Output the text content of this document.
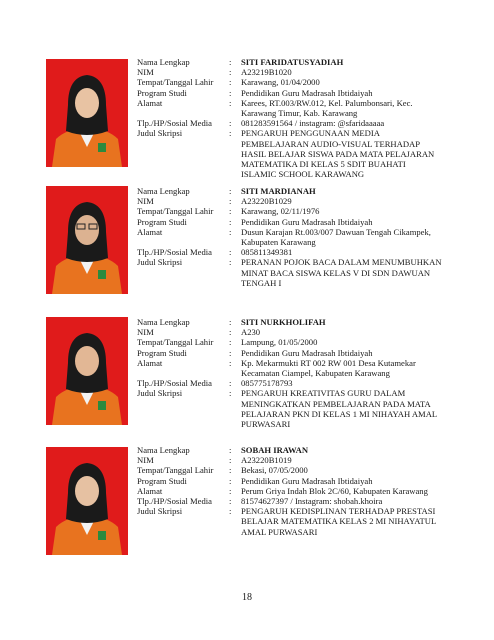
Nama Lengkap	:	SITI FARIDATUSYADIAH
NIM	:	A23219B1020
Tempat/Tanggal Lahir	:	Karawang, 01/04/2000
Program Studi	:	Pendidikan Guru Madrasah Ibtidaiyah
Alamat	:	Karees, RT.003/RW.012, Kel. Palumbonsari, Kec.
Karawang Timur, Kab. Karawang
Tlp./HP/Sosial Media	:	081283591564 / instagram: @sfaridaaaaa
Judul Skripsi	:	PENGARUH PENGGUNAAN MEDIA
PEMBELAJARAN AUDIO-VISUAL TERHADAP
HASIL BELAJAR SISWA PADA MATA PELAJARAN
MATEMATIKA DI KELAS 5 SDIT BUAHATI
ISLAMIC SCHOOL KARAWANG
Nama Lengkap	:	SITI MARDIANAH
NIM	:	A23220B1029
Tempat/Tanggal Lahir	:	Karawang, 02/11/1976
Program Studi	:	Pendidikan Guru Madrasah Ibtidaiyah
Alamat	:	Dusun Karajan Rt.003/007 Dawuan Tengah Cikampek,
Kabupaten Karawang
Tlp./HP/Sosial Media	:	085811349381
Judul Skripsi	:	PERANAN POJOK BACA DALAM MENUMBUHKAN
MINAT BACA SISWA KELAS V DI SDN DAWUAN
TENGAH I
Nama Lengkap	:	SITI NURKHOLIFAH
NIM	:	A230
Tempat/Tanggal Lahir	:	Lampung, 01/05/2000
Program Studi	:	Pendidikan Guru Madrasah Ibtidaiyah
Alamat	:	Kp. Mekarmukti RT 002 RW 001 Desa Kutamekar
Kecamatan Ciampel, Kabupaten Karawang
Tlp./HP/Sosial Media	:	085775178793
Judul Skripsi	:	PENGARUH KREATIVITAS GURU DALAM
MENINGKATKAN PEMBELAJARAN PADA MATA
PELAJARAN PKN DI KELAS 1 MI NIHAYAH AMAL
PURWASARI
Nama Lengkap	:	SOBAH IRAWAN
NIM	:	A23220B1019
Tempat/Tanggal Lahir	:	Bekasi, 07/05/2000
Program Studi	:	Pendidikan Guru Madrasah Ibtidaiyah
Alamat	:	Perum Griya Indah Blok 2C/60, Kabupaten Karawang
Tlp./HP/Sosial Media	:	81574627397 / Instagram: shobah.khoira
Judul Skripsi	:	PENGARUH KEDISPLINAN TERHADAP PRESTASI
BELAJAR MATEMATIKA KELAS 2 MI NIHAYATUL
AMAL PURWASARI
18
